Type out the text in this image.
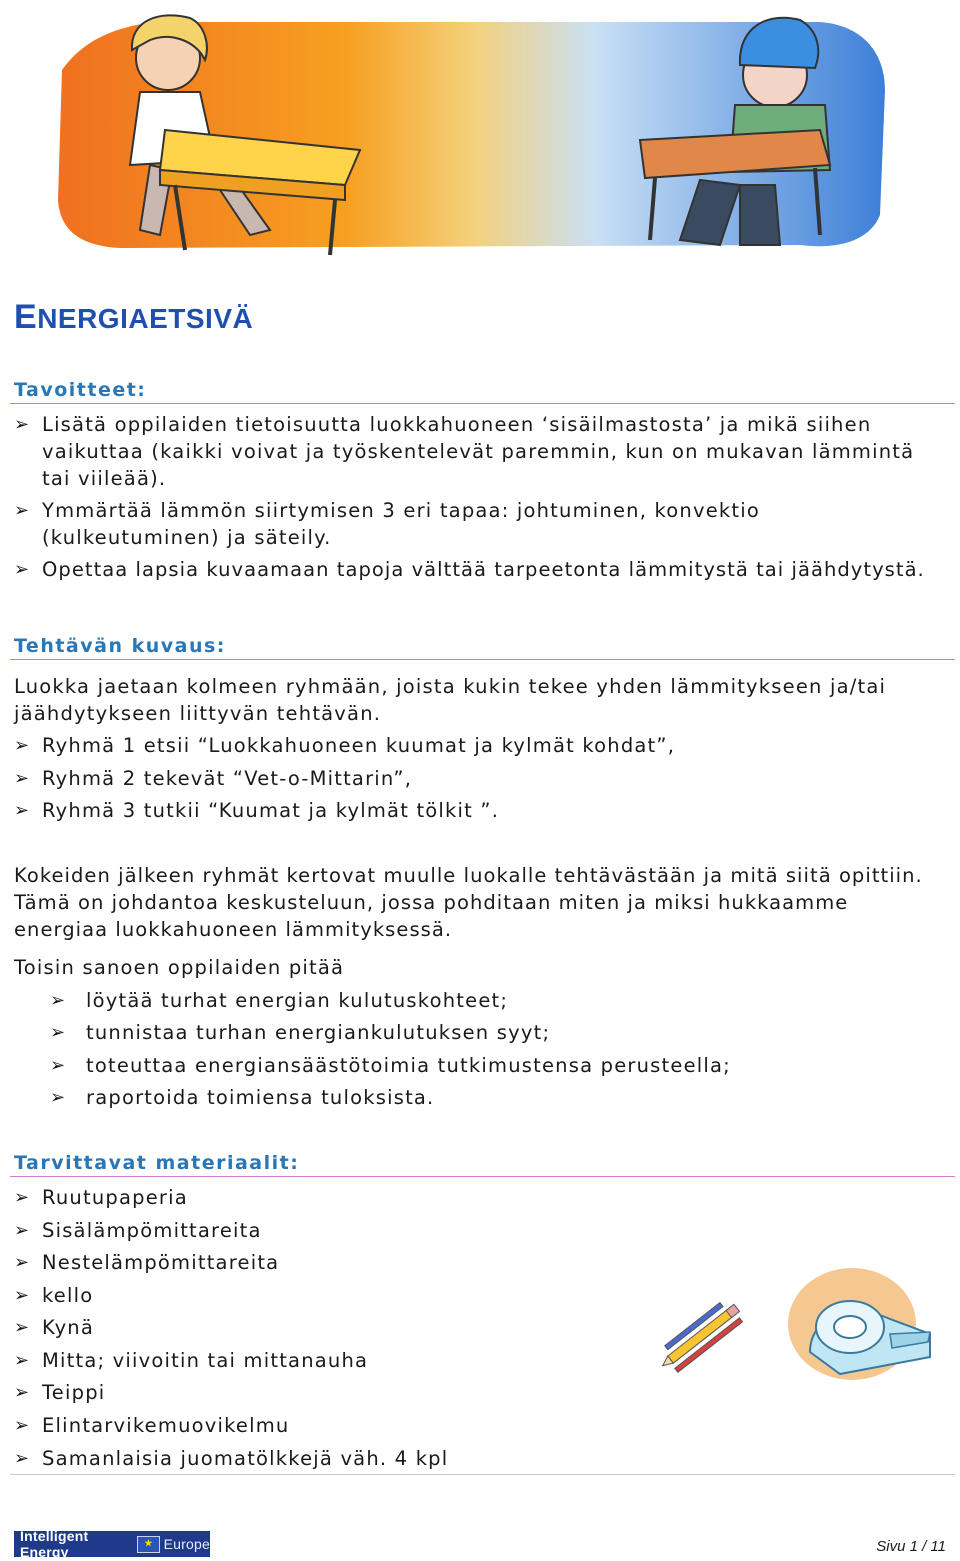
ENERGIAETSIVÄ
Tavoitteet:
➢ Lisätä oppilaiden tietoisuutta luokkahuoneen ‘sisäilmastosta’ ja mikä siihen vaikuttaa (kaikki voivat ja työskentelevät paremmin, kun on mukavan lämmintä tai viileää).
➢ Ymmärtää lämmön siirtymisen 3 eri tapaa: johtuminen, konvektio (kulkeutuminen) ja säteily.
➢ Opettaa lapsia kuvaamaan tapoja välttää tarpeetonta lämmitystä tai jäähdytystä.
Tehtävän kuvaus:
Luokka jaetaan kolmeen ryhmään, joista kukin tekee yhden lämmitykseen ja/tai jäähdytykseen liittyvän tehtävän.
➢ Ryhmä 1 etsii “Luokkahuoneen kuumat ja kylmät kohdat”,
➢ Ryhmä 2 tekevät “Vet-o-Mittarin”,
➢ Ryhmä 3 tutkii “Kuumat ja kylmät tölkit ”.
Kokeiden jälkeen ryhmät kertovat muulle luokalle tehtävästään ja mitä siitä opittiin. Tämä on johdantoa keskusteluun, jossa pohditaan miten ja miksi hukkaamme energiaa luokkahuoneen lämmityksessä.
Toisin sanoen oppilaiden pitää
➢ löytää turhat energian kulutuskohteet;
➢ tunnistaa turhan energiankulutuksen syyt;
➢ toteuttaa energiansäästötoimia tutkimustensa perusteella;
➢ raportoida toimiensa tuloksista.
Tarvittavat materiaalit:
➢ Ruutupaperia
➢ Sisälämpömittareita
➢ Nestelämpömittareita
➢ kello
➢ Kynä
➢ Mitta; viivoitin tai mittanauha
➢ Teippi
➢ Elintarvikemuovikelmu
➢ Samanlaisia juomatölkkejä väh. 4 kpl
Intelligent Energy
★	Europe	Sivu 1 / 11
